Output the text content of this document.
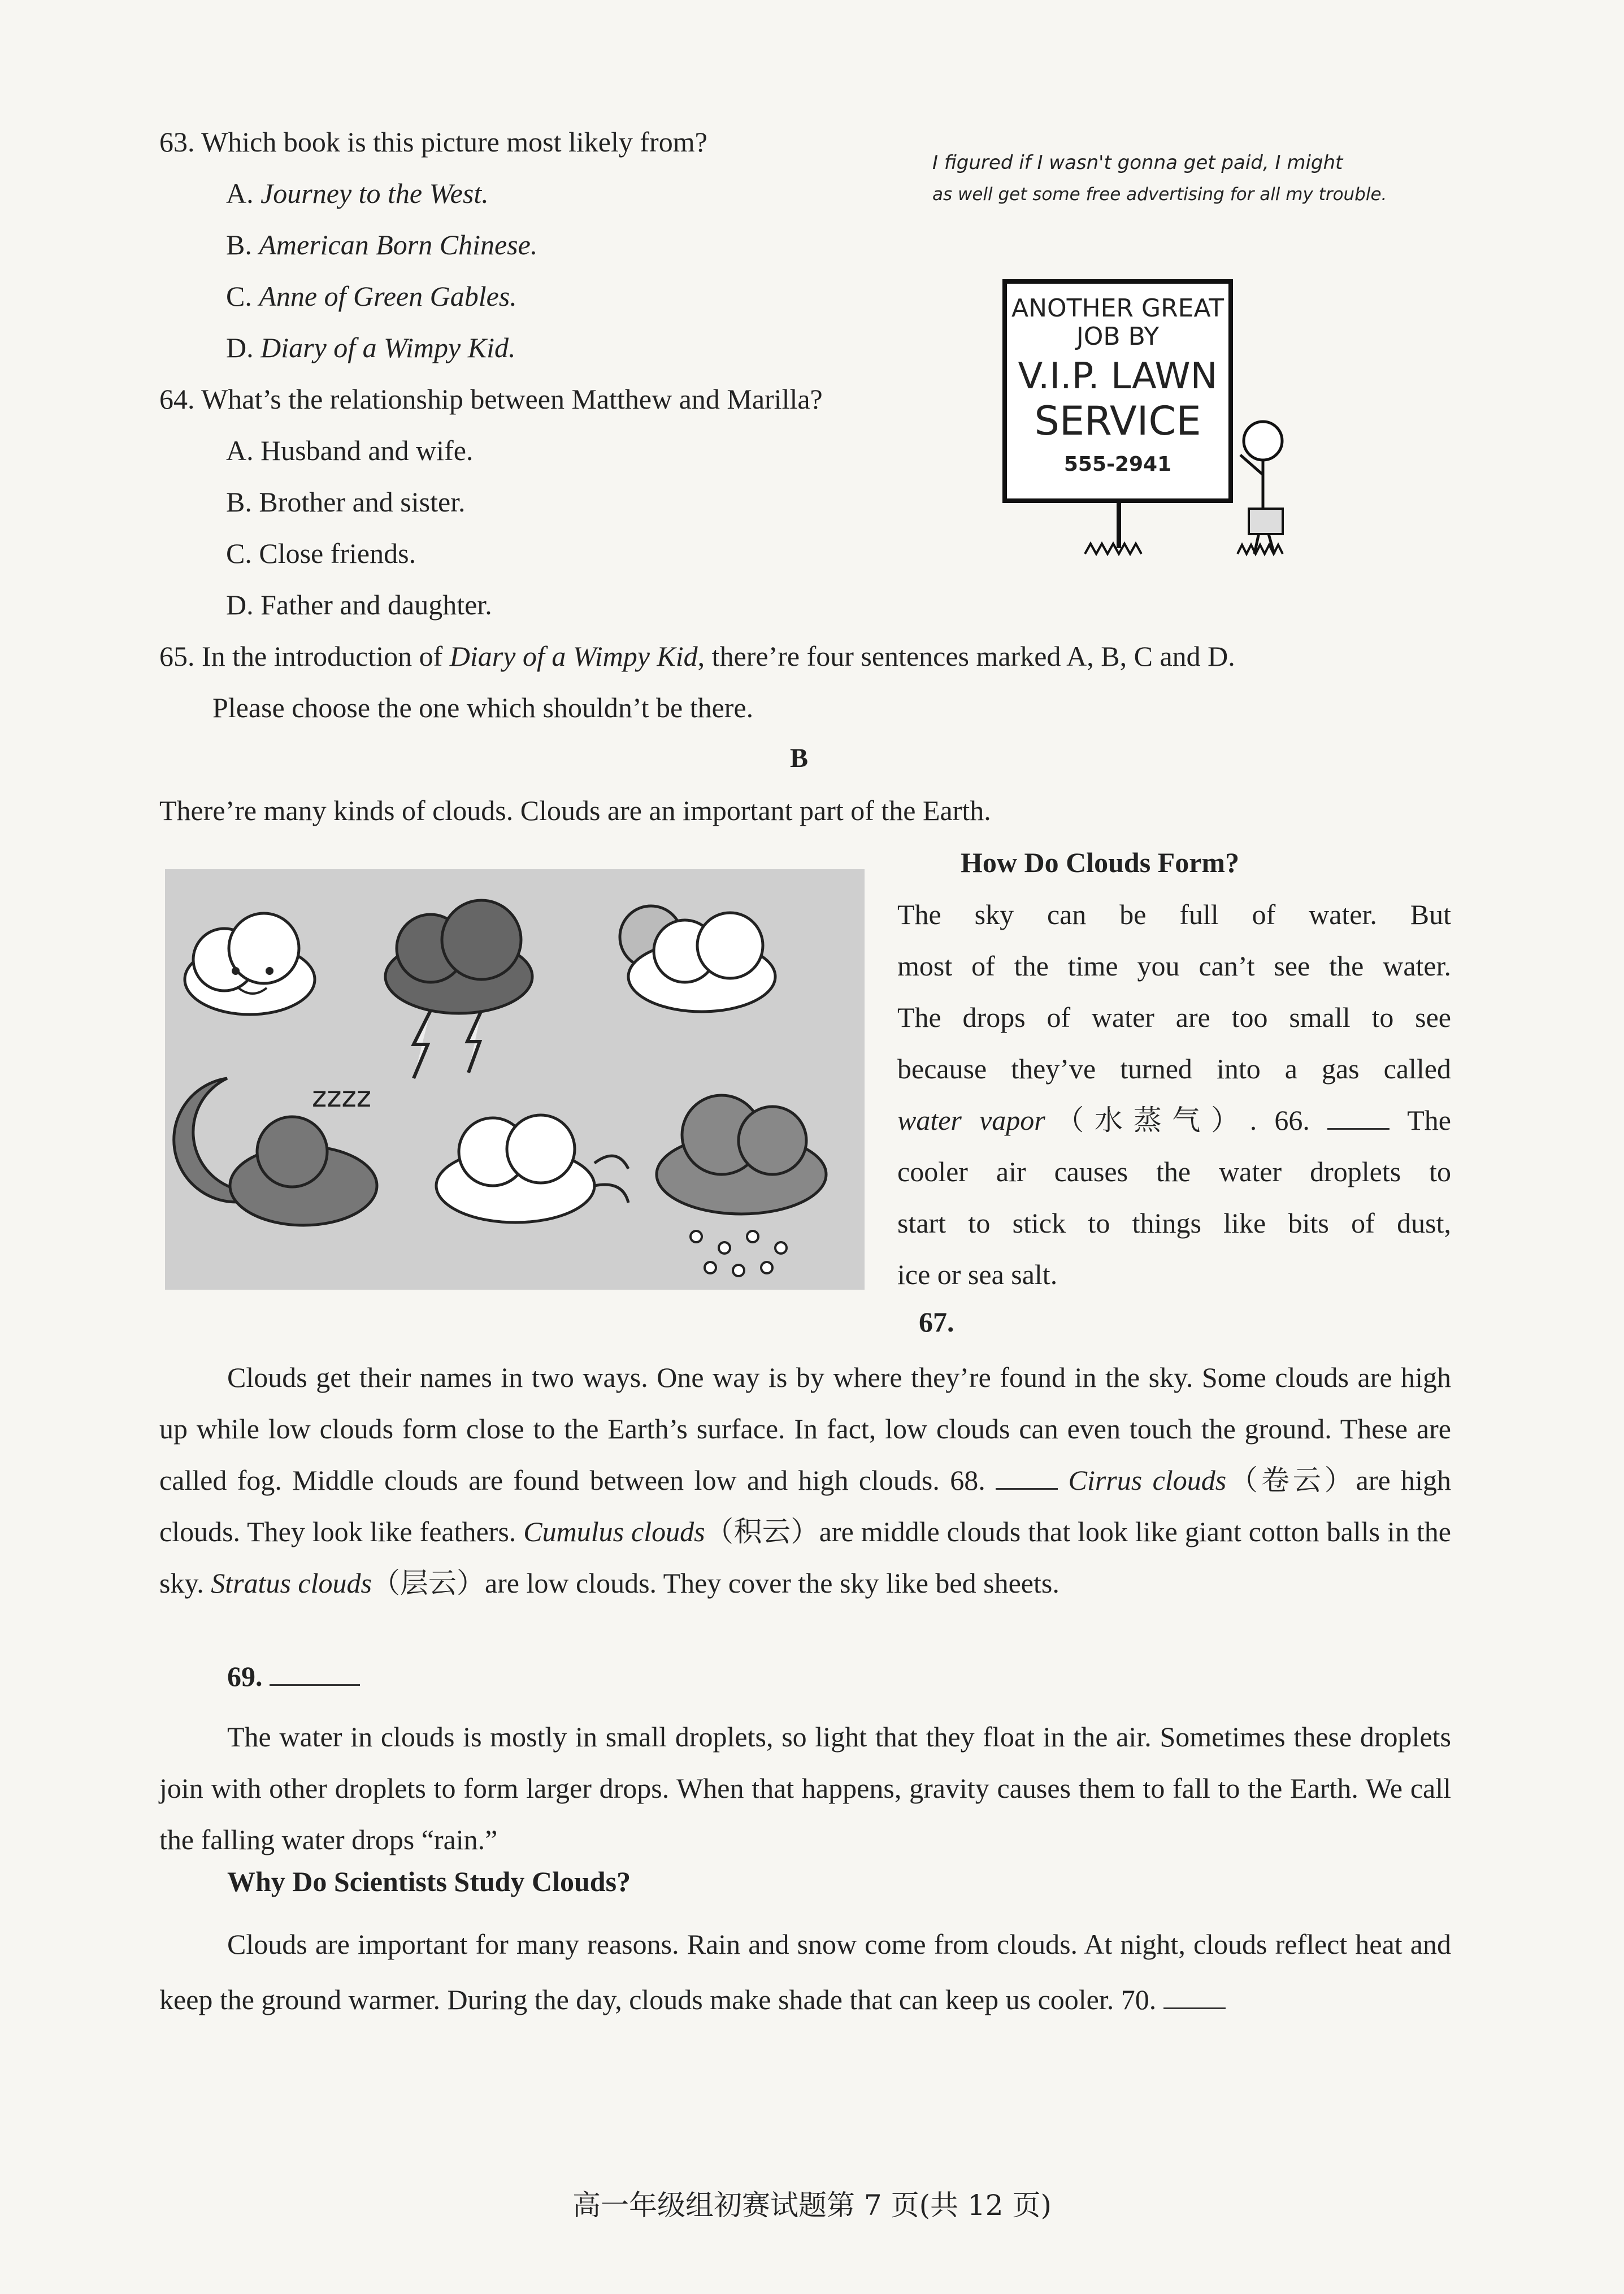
63. Which book is this picture most likely from?
A. Journey to the West.
B. American Born Chinese.
C. Anne of Green Gables.
D. Diary of a Wimpy Kid.
64. What’s the relationship between Matthew and Marilla?
A. Husband and wife.
B. Brother and sister.
C. Close friends.
D. Father and daughter.
65. In the introduction of Diary of a Wimpy Kid, there’re four sentences marked A, B, C and D.
Please choose the one which shouldn’t be there.
I figured if I wasn't gonna get paid, I might
as well get some free advertising for all my trouble.
ANOTHER GREAT
JOB BY
V.I.P. LAWN
SERVICE
555-2941
B
There’re many kinds of clouds. Clouds are an important part of the Earth.
zzzz
How Do Clouds Form?
The sky can be full of water. But
most of the time you can’t see the water.
The drops of water are too small to see
because they’ve turned into a gas called
water vapor（水蒸气）. 66.  The
cooler air causes the water droplets to
start to stick to things like bits of dust,
ice or sea salt.
67.
Clouds get their names in two ways. One way is by where they’re found in the sky. Some clouds are high up while low clouds form close to the Earth’s surface. In fact, low clouds can even touch the ground. These are called fog. Middle clouds are found between low and high clouds. 68.	Cirrus clouds（卷云）are high clouds. They look like feathers. Cumulus clouds（积云）are middle clouds that look like giant cotton balls in the sky. Stratus clouds（层云）are low clouds. They cover the sky like bed sheets.
69.
The water in clouds is mostly in small droplets, so light that they float in the air. Sometimes these droplets join with other droplets to form larger drops. When that happens, gravity causes them to fall to the Earth. We call the falling water drops “rain.”
Why Do Scientists Study Clouds?
Clouds are important for many reasons. Rain and snow come from clouds. At night, clouds reflect heat and keep the ground warmer. During the day, clouds make shade that can keep us cooler. 70.
高一年级组初赛试题第 7 页(共 12 页)
